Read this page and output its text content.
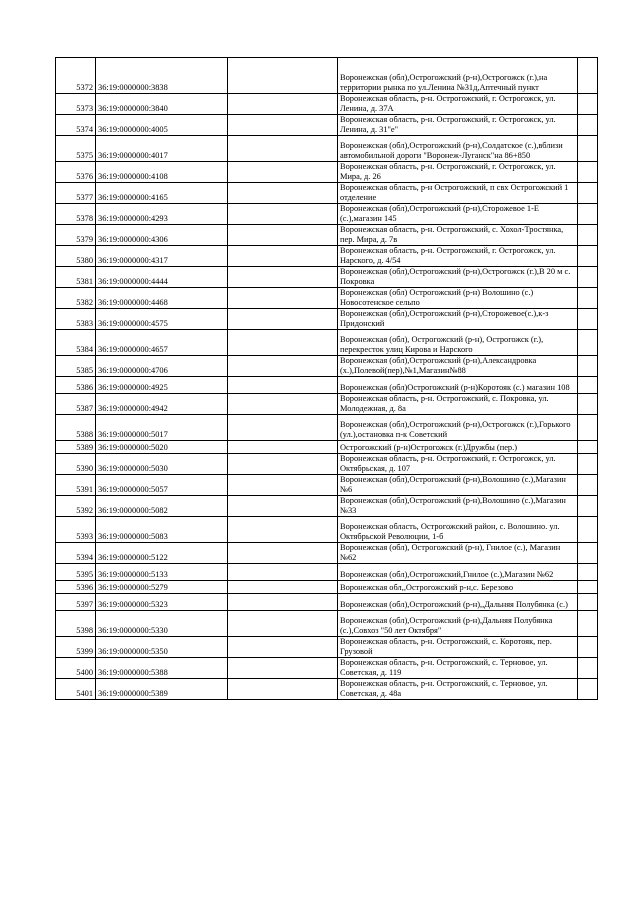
5372	36:19:0000000:3838		Воронежская (обл),Острогожский (р-н),Острогожск (г.),на территории рынка по ул.Ленина №31д,Аптечный пункт	
5373	36:19:0000000:3840		Воронежская область, р-н. Острогожский, г. Острогожск, ул. Ленина, д. 37А	
5374	36:19:0000000:4005		Воронежская область, р-н. Острогожский, г. Острогожск, ул. Ленина, д. 31"е"	
5375	36:19:0000000:4017		Воронежская (обл),Острогожский (р-н),Солдатское (с.),вблизи автомобильной дороги "Воронеж-Луганск"на 86+850	
5376	36:19:0000000:4108		Воронежская область, р-н. Острогожский, г. Острогожск, ул. Мира, д. 26	
5377	36:19:0000000:4165		Воронежская область, р-н Острогожский, п свх Острогожский 1 отделение	
5378	36:19:0000000:4293		Воронежская (обл),Острогожский (р-н),Сторожевое 1-Е (с.),магазин 145	
5379	36:19:0000000:4306		Воронежская область, р-н. Острогожский, с. Хохол-Тростянка, пер. Мира, д. 7в	
5380	36:19:0000000:4317		Воронежская область, р-н. Острогожский, г. Острогожск, ул. Нарского, д. 4/54	
5381	36:19:0000000:4444		Воронежская (обл),Острогожский (р-н),Острогожск (г.),В 20 м с. Покровка	
5382	36:19:0000000:4468		Воронежская (обл) Острогожский (р-н) Волошино (с.) Новосотенское сельпо	
5383	36:19:0000000:4575		Воронежская (обл),Острогожский (р-н),Сторожевое(с.),к-з Придонский	
5384	36:19:0000000:4657		Воронежская (обл), Острогожский (р-н), Острогожск (г.), перекресток улиц Кирова и Нарского	
5385	36:19:0000000:4706		Воронежская (обл),Острогожский (р-н),Александровка (х.),Полевой(пер),№1,Магазин№88	
5386	36:19:0000000:4925		Воронежская (обл)Острогожский (р-н)Коротояк (с.) магазин 108	
5387	36:19:0000000:4942		Воронежская область, р-н. Острогожский, с. Покровка, ул. Молодежная, д. 8а	
5388	36:19:0000000:5017		Воронежская (обл),Острогожский (р-н),Острогожск (г.),Горького (ул.),остановка п-к Советский	
5389	36:19:0000000:5020		Острогожский (р-н)Острогожск (г.)Дружбы (пер.)	
5390	36:19:0000000:5030		Воронежская область, р-н. Острогожский, г. Острогожск, ул. Октябрьская, д. 107	
5391	36:19:0000000:5057		Воронежская (обл),Острогожский (р-н),Волошино (с.),Магазин №6	
5392	36:19:0000000:5082		Воронежская (обл),Острогожский (р-н),Волошино (с.),Магазин №33	
5393	36:19:0000000:5083		Воронежская область, Острогожский район, с. Волошино. ул. Октябрьской Революции, 1-б	
5394	36:19:0000000:5122		Воронежская (обл), Острогожский (р-н), Гнилое (с.), Магазин №62	
5395	36:19:0000000:5133		Воронежская (обл),Острогожский,Гнилое (с.),Магазин №62	
5396	36:19:0000000:5279		Воронежская обл,,Острогожский р-н,с. Березово	
5397	36:19:0000000:5323		Воронежская (обл),Острогожский (р-н),,Дальняя Полубянка (с.)	
5398	36:19:0000000:5330		Воронежская (обл),Острогожский (р-н),Дальняя Полубянка (с.),Совхоз "50 лет Октября"	
5399	36:19:0000000:5350		Воронежская область, р-н. Острогожский, с. Коротояк, пер. Грузовой	
5400	36:19:0000000:5388		Воронежская область, р-н. Острогожский, с. Терновое, ул. Советская, д. 119	
5401	36:19:0000000:5389		Воронежская область, р-н. Острогожский, с. Терновое, ул. Советская, д. 48а	
